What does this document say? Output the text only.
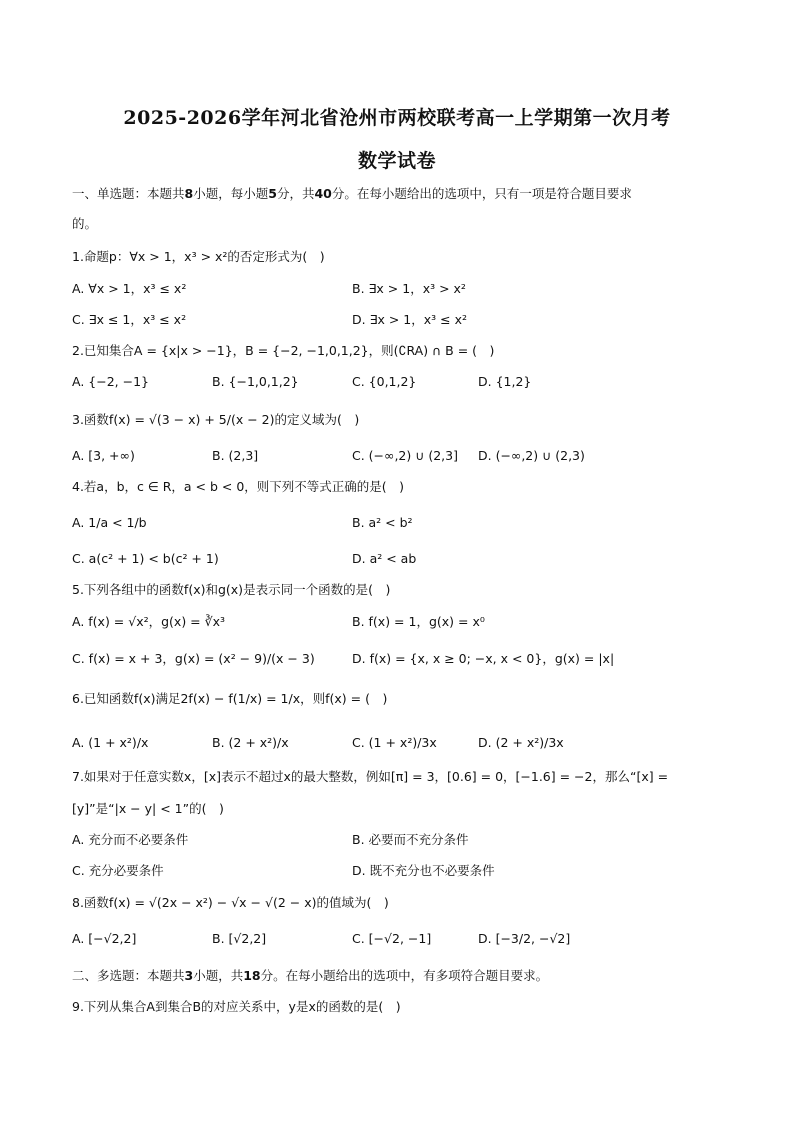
2025-2026学年河北省沧州市两校联考高一上学期第一次月考
数学试卷
一、单选题：本题共8小题，每小题5分，共40分。在每小题给出的选项中，只有一项是符合题目要求
的。
1.命题p：∀x > 1，x³ > x²的否定形式为(　)
A. ∀x > 1，x³ ≤ x²	B. ∃x > 1，x³ > x²
C. ∃x ≤ 1，x³ ≤ x²	D. ∃x > 1，x³ ≤ x²
2.已知集合A = {x|x > −1}，B = {−2, −1,0,1,2}，则(∁RA) ∩ B = (　)
A. {−2, −1}	B. {−1,0,1,2}	C. {0,1,2}	D. {1,2}
3.函数f(x) = √(3 − x) + 5/(x − 2)的定义域为(　)
A. [3, +∞)	B. (2,3]	C. (−∞,2) ∪ (2,3] D. (−∞,2) ∪ (2,3)
4.若a，b，c ∈ R，a < b < 0，则下列不等式正确的是(　)
A. 1/a < 1/b	B. a² < b²
C. a(c² + 1) < b(c² + 1)	D. a² < ab
5.下列各组中的函数f(x)和g(x)是表示同一个函数的是(　)
A. f(x) = √x²，g(x) = ∛x³	B. f(x) = 1，g(x) = x⁰
C. f(x) = x + 3，g(x) = (x² − 9)/(x − 3)	D. f(x) = {x, x ≥ 0; −x, x < 0}，g(x) = |x|
6.已知函数f(x)满足2f(x) − f(1/x) = 1/x，则f(x) = (　)
A. (1 + x²)/x	B. (2 + x²)/x	C. (1 + x²)/3x	D. (2 + x²)/3x
7.如果对于任意实数x，[x]表示不超过x的最大整数，例如[π] = 3，[0.6] = 0，[−1.6] = −2，那么“[x] =
[y]”是“|x − y| < 1”的(　)
A. 充分而不必要条件	B. 必要而不充分条件
C. 充分必要条件	D. 既不充分也不必要条件
8.函数f(x) = √(2x − x²) − √x − √(2 − x)的值域为(　)
A. [−√2,2]	B. [√2,2]	C. [−√2, −1]	D. [−3/2, −√2]
二、多选题：本题共3小题，共18分。在每小题给出的选项中，有多项符合题目要求。
9.下列从集合A到集合B的对应关系中，y是x的函数的是(　)
